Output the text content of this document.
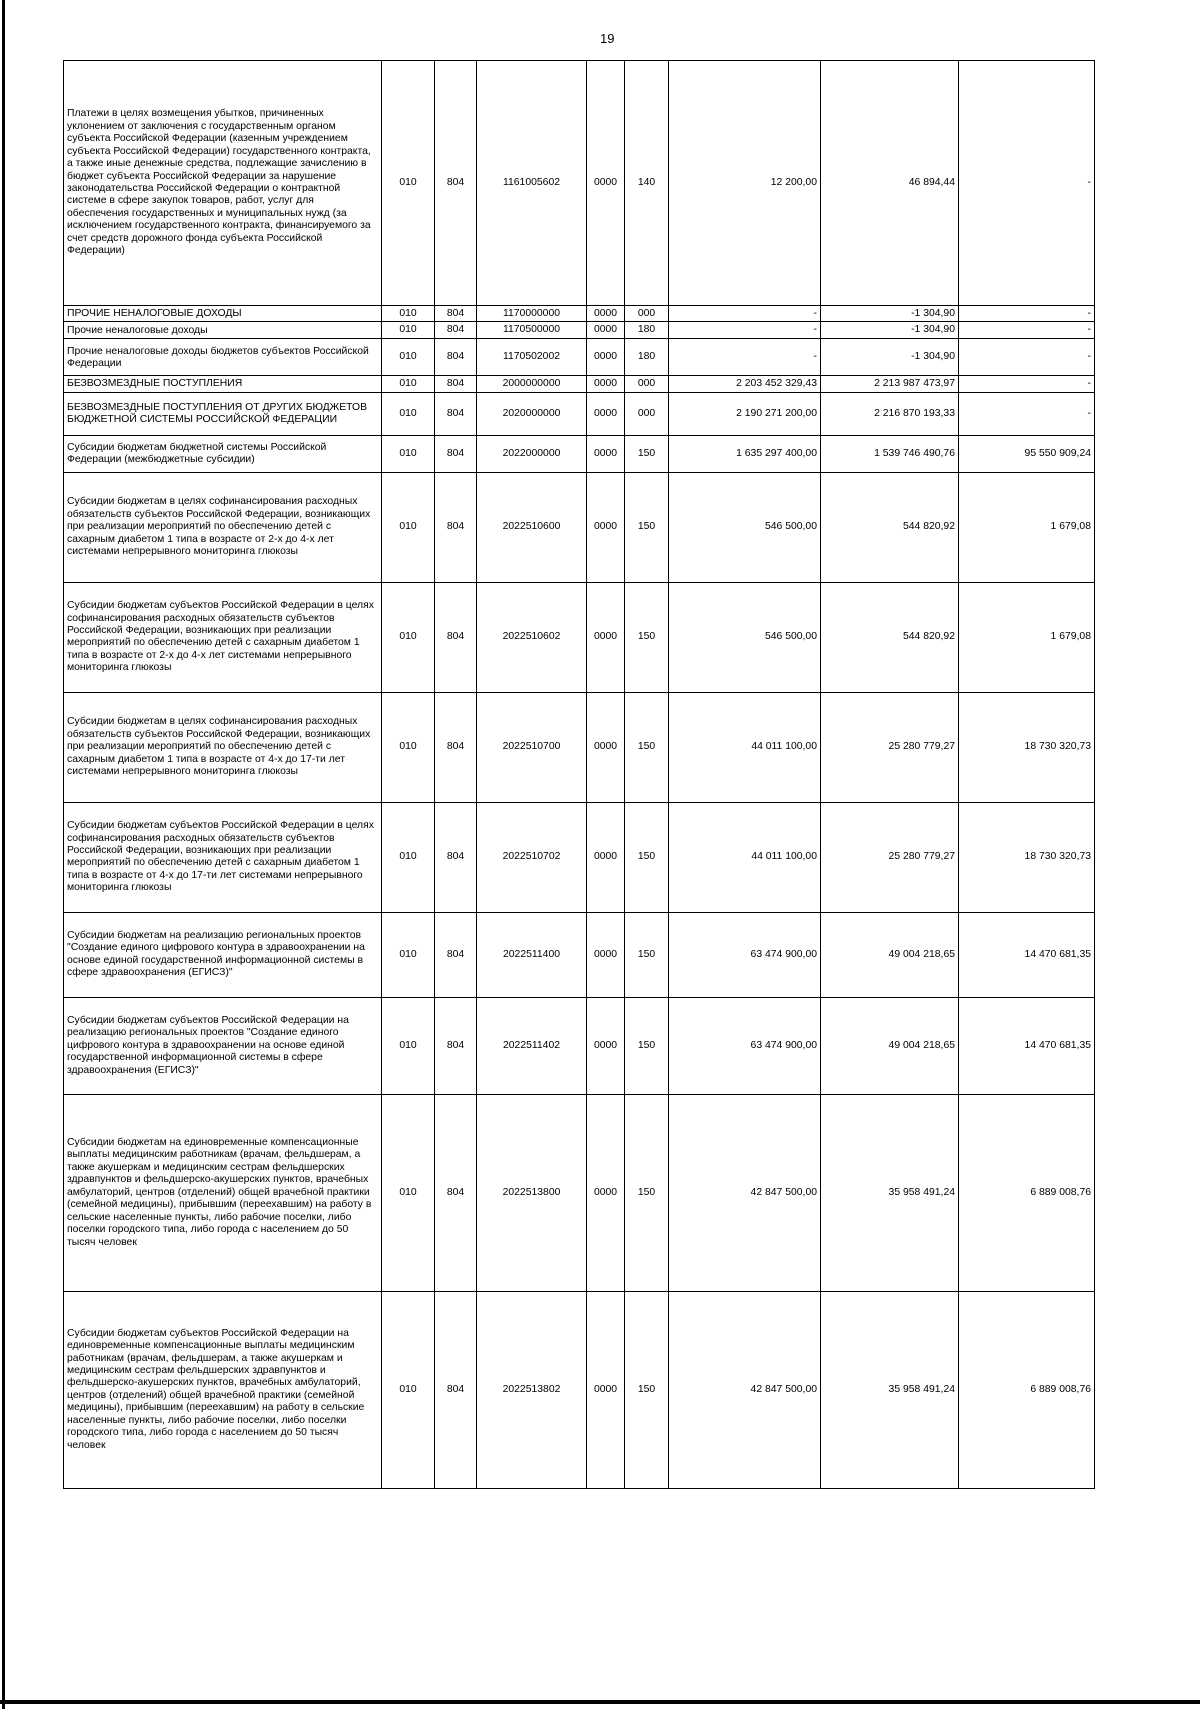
19
Платежи в целях возмещения убытков, причиненных уклонением от заключения с государственным органом субъекта Российской Федерации (казенным учреждением субъекта Российской Федерации) государственного контракта, а также иные денежные средства, подлежащие зачислению в бюджет субъекта Российской Федерации за нарушение законодательства Российской Федерации о контрактной системе в сфере закупок товаров, работ, услуг для обеспечения государственных и муниципальных нужд (за исключением государственного контракта, финансируемого за счет средств дорожного фонда субъекта Российской Федерации)	010	804	1161005602	0000	140	12 200,00	46 894,44	-
ПРОЧИЕ НЕНАЛОГОВЫЕ ДОХОДЫ	010	804	1170000000	0000	000	-	-1 304,90	-
Прочие неналоговые доходы	010	804	1170500000	0000	180	-	-1 304,90	-
Прочие неналоговые доходы бюджетов субъектов Российской Федерации	010	804	1170502002	0000	180	-	-1 304,90	-
БЕЗВОЗМЕЗДНЫЕ ПОСТУПЛЕНИЯ	010	804	2000000000	0000	000	2 203 452 329,43	2 213 987 473,97	-
БЕЗВОЗМЕЗДНЫЕ ПОСТУПЛЕНИЯ ОТ ДРУГИХ БЮДЖЕТОВ БЮДЖЕТНОЙ СИСТЕМЫ РОССИЙСКОЙ ФЕДЕРАЦИИ	010	804	2020000000	0000	000	2 190 271 200,00	2 216 870 193,33	-
Субсидии бюджетам бюджетной системы Российской Федерации (межбюджетные субсидии)	010	804	2022000000	0000	150	1 635 297 400,00	1 539 746 490,76	95 550 909,24
Субсидии бюджетам в целях софинансирования расходных обязательств субъектов Российской Федерации, возникающих при реализации мероприятий по обеспечению детей с сахарным диабетом 1 типа в возрасте от 2-х до 4-х лет системами непрерывного мониторинга глюкозы	010	804	2022510600	0000	150	546 500,00	544 820,92	1 679,08
Субсидии бюджетам субъектов Российской Федерации в целях софинансирования расходных обязательств субъектов Российской Федерации, возникающих при реализации мероприятий по обеспечению детей с сахарным диабетом 1 типа в возрасте от 2-х до 4-х лет системами непрерывного мониторинга глюкозы	010	804	2022510602	0000	150	546 500,00	544 820,92	1 679,08
Субсидии бюджетам в целях софинансирования расходных обязательств субъектов Российской Федерации, возникающих при реализации мероприятий по обеспечению детей с сахарным диабетом 1 типа в возрасте от 4-х до 17-ти лет системами непрерывного мониторинга глюкозы	010	804	2022510700	0000	150	44 011 100,00	25 280 779,27	18 730 320,73
Субсидии бюджетам субъектов Российской Федерации в целях софинансирования расходных обязательств субъектов Российской Федерации, возникающих при реализации мероприятий по обеспечению детей с сахарным диабетом 1 типа в возрасте от 4-х до 17-ти лет системами непрерывного мониторинга глюкозы	010	804	2022510702	0000	150	44 011 100,00	25 280 779,27	18 730 320,73
Субсидии бюджетам на реализацию региональных проектов "Создание единого цифрового контура в здравоохранении на основе единой государственной информационной системы в сфере здравоохранения (ЕГИСЗ)"	010	804	2022511400	0000	150	63 474 900,00	49 004 218,65	14 470 681,35
Субсидии бюджетам субъектов Российской Федерации на реализацию региональных проектов "Создание единого цифрового контура в здравоохранении на основе единой государственной информационной системы в сфере здравоохранения (ЕГИСЗ)"	010	804	2022511402	0000	150	63 474 900,00	49 004 218,65	14 470 681,35
Субсидии бюджетам на единовременные компенсационные выплаты медицинским работникам (врачам, фельдшерам, а также акушеркам и медицинским сестрам фельдшерских здравпунктов и фельдшерско-акушерских пунктов, врачебных амбулаторий, центров (отделений) общей врачебной практики (семейной медицины), прибывшим (переехавшим) на работу в сельские населенные пункты, либо рабочие поселки, либо поселки городского типа, либо города с населением до 50 тысяч человек	010	804	2022513800	0000	150	42 847 500,00	35 958 491,24	6 889 008,76
Субсидии бюджетам субъектов Российской Федерации на единовременные компенсационные выплаты медицинским работникам (врачам, фельдшерам, а также акушеркам и медицинским сестрам фельдшерских здравпунктов и фельдшерско-акушерских пунктов, врачебных амбулаторий, центров (отделений) общей врачебной практики (семейной медицины), прибывшим (переехавшим) на работу в сельские населенные пункты, либо рабочие поселки, либо поселки городского типа, либо города с населением до 50 тысяч человек	010	804	2022513802	0000	150	42 847 500,00	35 958 491,24	6 889 008,76
